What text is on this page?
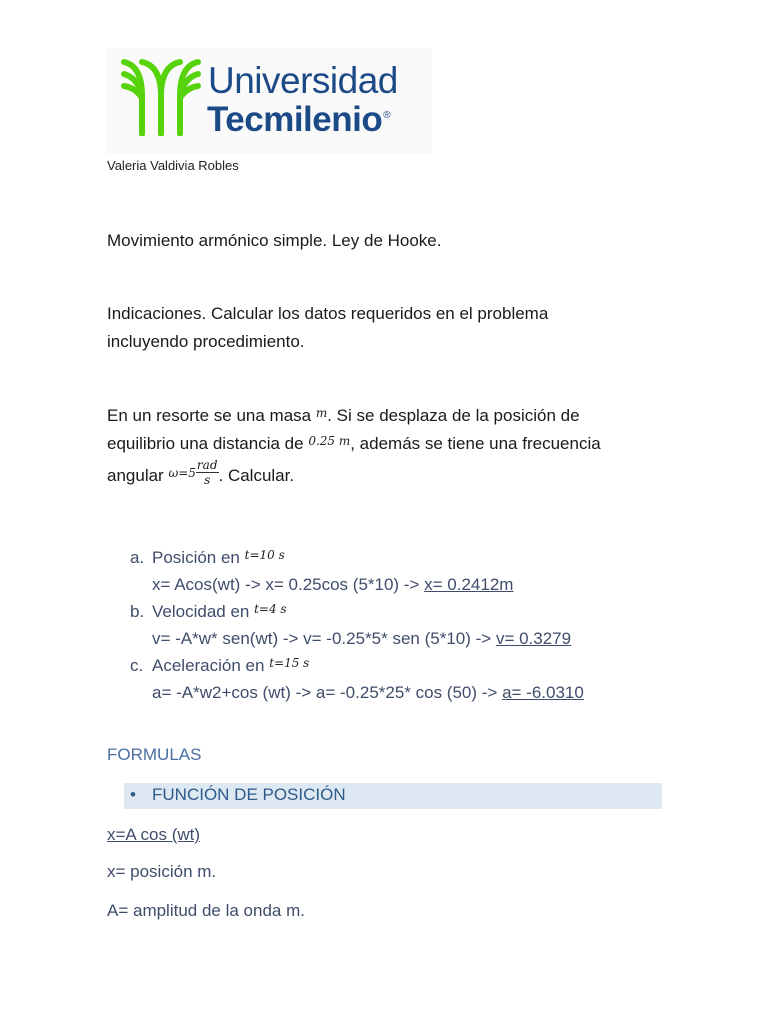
Universidad
Tecmilenio®
Valeria Valdivia Robles
Movimiento armónico simple. Ley de Hooke.
Indicaciones. Calcular los datos requeridos en el problema
incluyendo procedimiento.
En un resorte se una masa $^m$. Si se desplaza de la posición de
equilibrio una distancia de $^{0.25 m}$, además se tiene una frecuencia
angular $^{\omega=5} \frac{\text{rad}}{s}$ . Calcular.
a. Posición en $^{t=10 s}$
x= Acos(wt) -> x= 0.25cos (5*10) -> x= 0.2412m
b. Velocidad en $^{t=4 s}$
v= -A*w* sen(wt) -> v= -0.25*5* sen (5*10) -> v= 0.3279
c. Aceleración en $^{t=15 s}$
a= -A*w2+cos (wt) -> a= -0.25*25* cos (50) -> a= -6.0310
FORMULAS
• FUNCIÓN DE POSICIÓN
x=A cos (wt)
x= posición m.
A= amplitud de la onda m.
